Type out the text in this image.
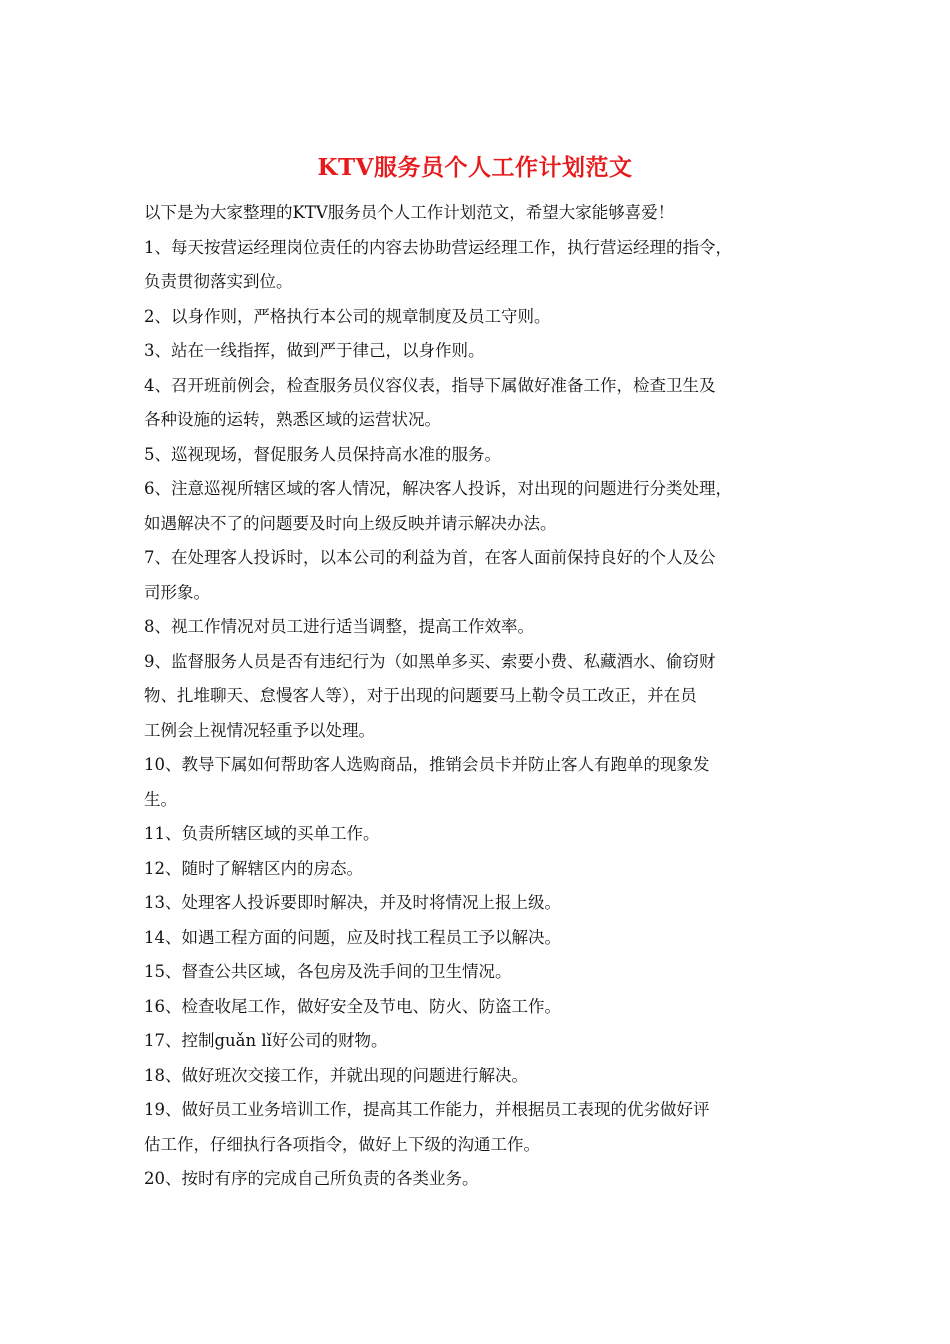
KTV服务员个人工作计划范文

以下是为大家整理的KTV服务员个人工作计划范文，希望大家能够喜爱！

1、每天按营运经理岗位责任的内容去协助营运经理工作，执行营运经理的指令，

负责贯彻落实到位。

2、以身作则，严格执行本公司的规章制度及员工守则。

3、站在一线指挥，做到严于律己，以身作则。

4、召开班前例会，检查服务员仪容仪表，指导下属做好准备工作，检查卫生及

各种设施的运转，熟悉区域的运营状况。

5、巡视现场，督促服务人员保持高水准的服务。

6、注意巡视所辖区域的客人情况，解决客人投诉，对出现的问题进行分类处理，

如遇解决不了的问题要及时向上级反映并请示解决办法。

7、在处理客人投诉时，以本公司的利益为首，在客人面前保持良好的个人及公

司形象。

8、视工作情况对员工进行适当调整，提高工作效率。

9、监督服务人员是否有违纪行为（如黑单多买、索要小费、私藏酒水、偷窃财

物、扎堆聊天、怠慢客人等），对于出现的问题要马上勒令员工改正，并在员

工例会上视情况轻重予以处理。

10、教导下属如何帮助客人选购商品，推销会员卡并防止客人有跑单的现象发

生。

11、负责所辖区域的买单工作。

12、随时了解辖区内的房态。

13、处理客人投诉要即时解决，并及时将情况上报上级。

14、如遇工程方面的问题，应及时找工程员工予以解决。

15、督查公共区域，各包房及洗手间的卫生情况。

16、检查收尾工作，做好安全及节电、防火、防盗工作。

17、控制guǎn lǐ好公司的财物。

18、做好班次交接工作，并就出现的问题进行解决。

19、做好员工业务培训工作，提高其工作能力，并根据员工表现的优劣做好评

估工作，仔细执行各项指令，做好上下级的沟通工作。

20、按时有序的完成自己所负责的各类业务。
